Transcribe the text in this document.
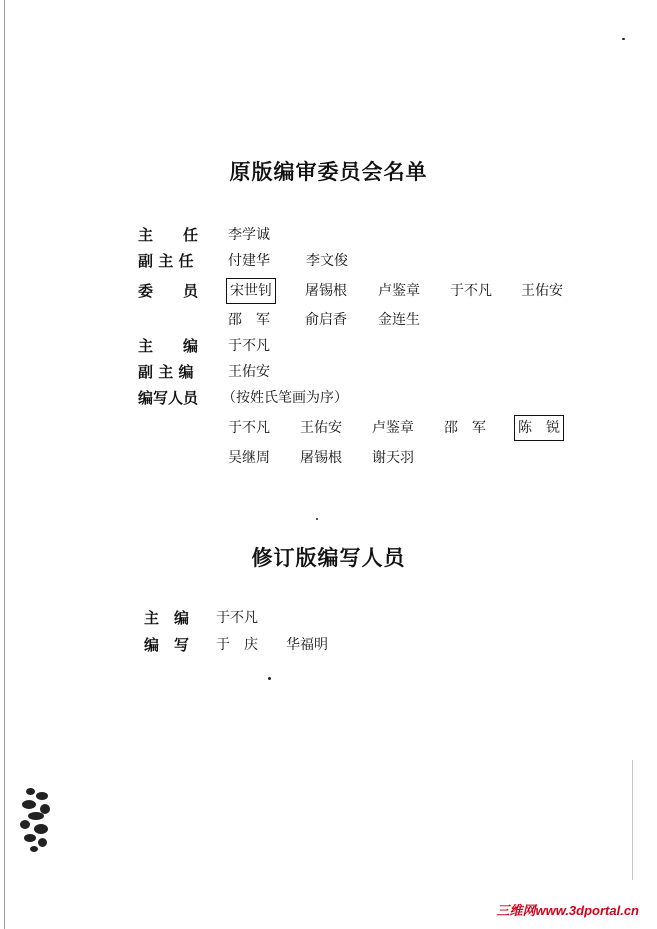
原版编审委员会名单
主　　任 李学诚
副 主 任 付建华	李文俊
委　　员 宋世钊 屠锡根 卢鉴章 于不凡 王佑安
邵　军	俞启香 金连生
主　　编 于不凡
副 主 编 王佑安
编写人员 （按姓氏笔画为序）
于不凡 王佑安 卢鉴章 邵　军 陈　锐
吴继周 屠锡根 谢天羽
修订版编写人员
主　编 于不凡
编　写 于　庆 华福明
三维网www.3dportal.cn
